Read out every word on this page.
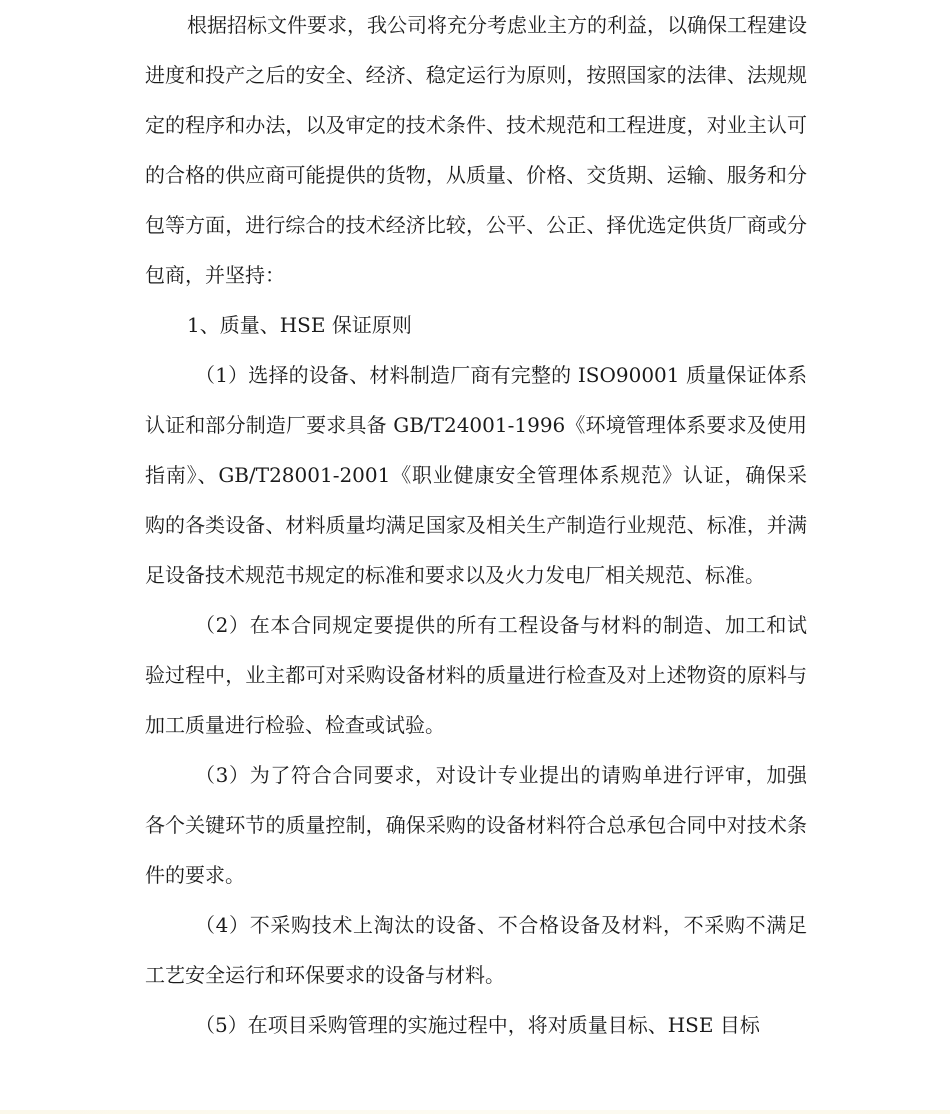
根据招标文件要求，我公司将充分考虑业主方的利益，以确保工程建设进度和投产之后的安全、经济、稳定运行为原则，按照国家的法律、法规规定的程序和办法，以及审定的技术条件、技术规范和工程进度，对业主认可的合格的供应商可能提供的货物，从质量、价格、交货期、运输、服务和分包等方面，进行综合的技术经济比较，公平、公正、择优选定供货厂商或分包商，并坚持：

1、质量、HSE 保证原则

（1）选择的设备、材料制造厂商有完整的 ISO90001 质量保证体系认证和部分制造厂要求具备 GB/T24001-1996《环境管理体系要求及使用指南》、GB/T28001-2001《职业健康安全管理体系规范》认证，确保采购的各类设备、材料质量均满足国家及相关生产制造行业规范、标准，并满足设备技术规范书规定的标准和要求以及火力发电厂相关规范、标准。

（2）在本合同规定要提供的所有工程设备与材料的制造、加工和试验过程中，业主都可对采购设备材料的质量进行检查及对上述物资的原料与加工质量进行检验、检查或试验。

（3）为了符合合同要求，对设计专业提出的请购单进行评审，加强各个关键环节的质量控制，确保采购的设备材料符合总承包合同中对技术条件的要求。

（4）不采购技术上淘汰的设备、不合格设备及材料，不采购不满足工艺安全运行和环保要求的设备与材料。

（5）在项目采购管理的实施过程中，将对质量目标、HSE 目标
